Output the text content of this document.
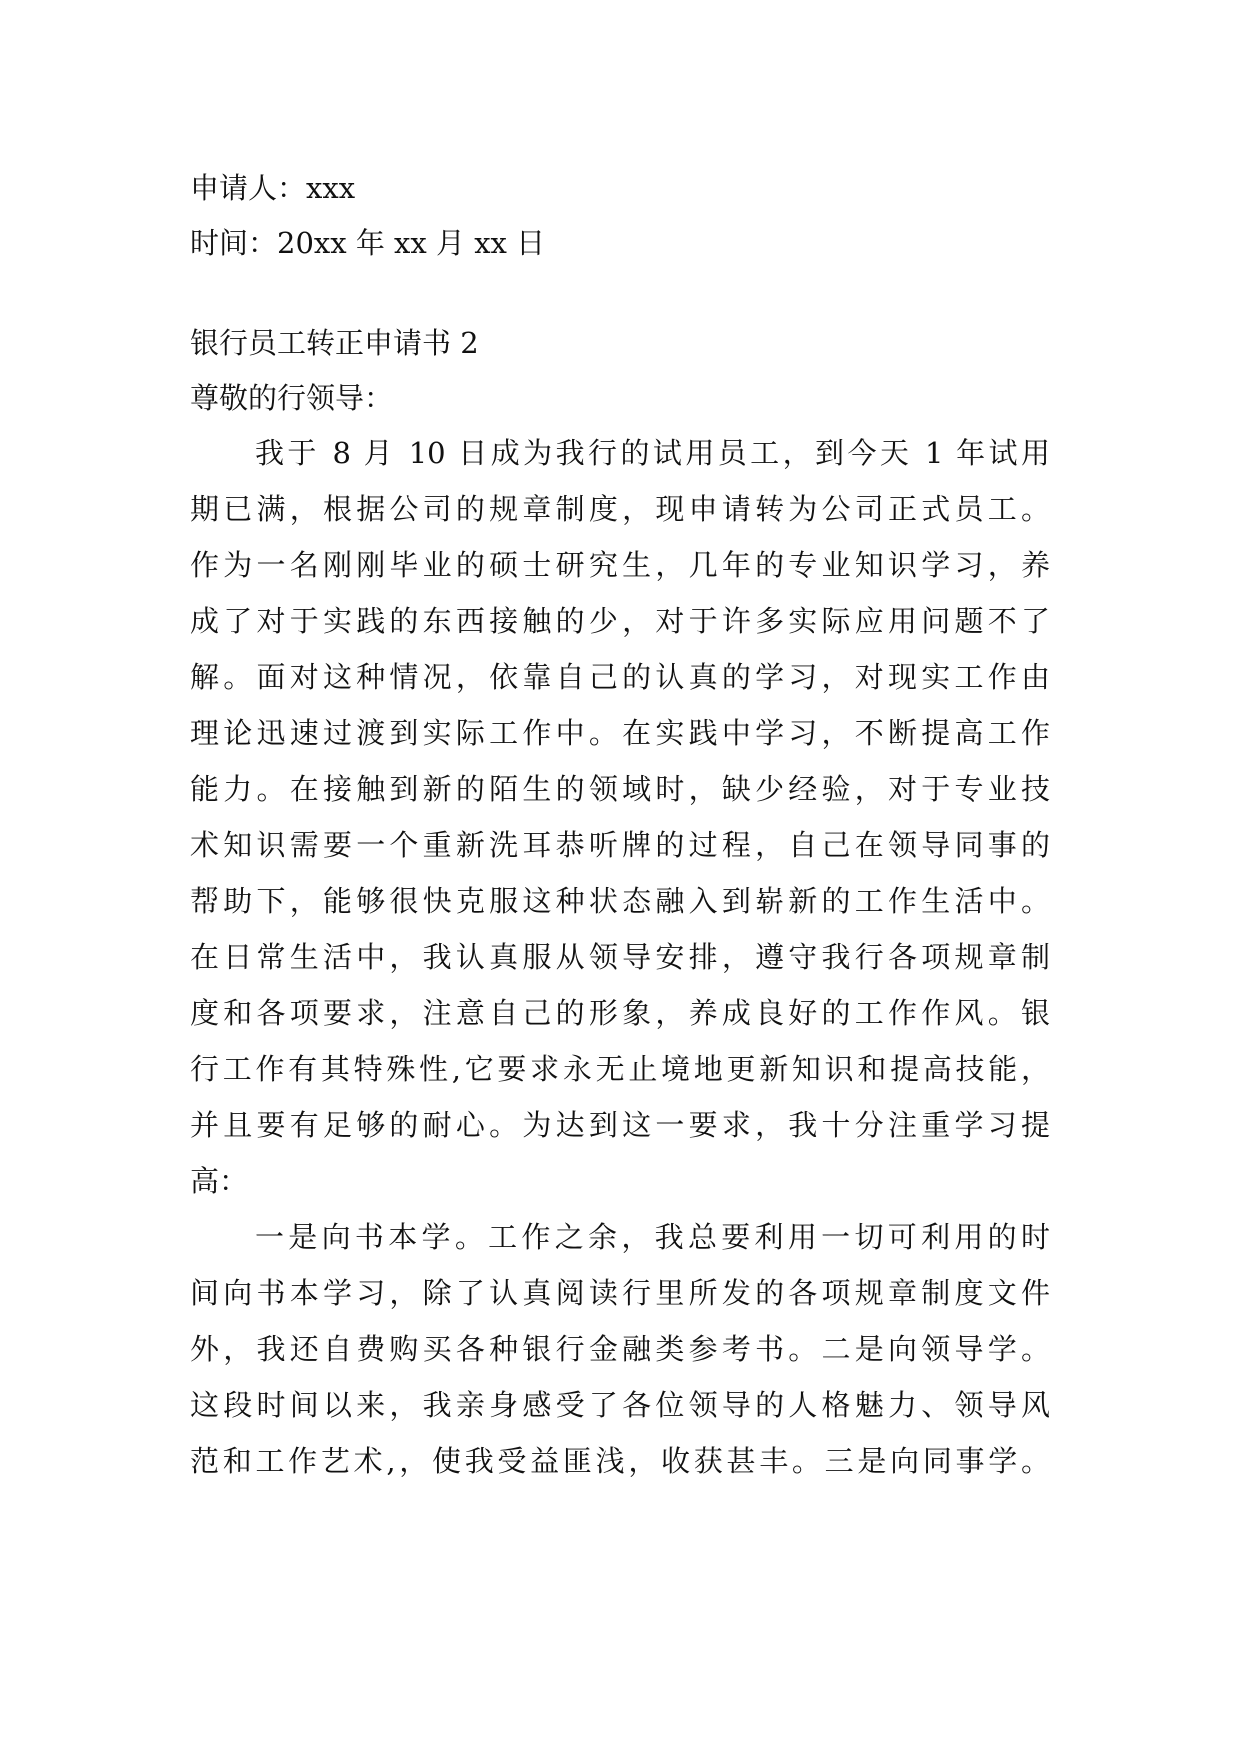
申请人：xxx

时间：20xx 年 xx 月 xx 日

银行员工转正申请书 2

尊敬的行领导：

我于 8 月 10 日成为我行的试用员工，到今天 1 年试用

期已满，根据公司的规章制度，现申请转为公司正式员工。

作为一名刚刚毕业的硕士研究生，几年的专业知识学习，养

成了对于实践的东西接触的少，对于许多实际应用问题不了

解。面对这种情况，依靠自己的认真的学习，对现实工作由

理论迅速过渡到实际工作中。在实践中学习，不断提高工作

能力。在接触到新的陌生的领域时，缺少经验，对于专业技

术知识需要一个重新洗耳恭听牌的过程，自己在领导同事的

帮助下，能够很快克服这种状态融入到崭新的工作生活中。

在日常生活中，我认真服从领导安排，遵守我行各项规章制

度和各项要求，注意自己的形象，养成良好的工作作风。银

行工作有其特殊性,它要求永无止境地更新知识和提高技能，

并且要有足够的耐心。为达到这一要求，我十分注重学习提

高：

一是向书本学。工作之余，我总要利用一切可利用的时

间向书本学习，除了认真阅读行里所发的各项规章制度文件

外，我还自费购买各种银行金融类参考书。二是向领导学。

这段时间以来，我亲身感受了各位领导的人格魅力、领导风

范和工作艺术,，使我受益匪浅，收获甚丰。三是向同事学。
